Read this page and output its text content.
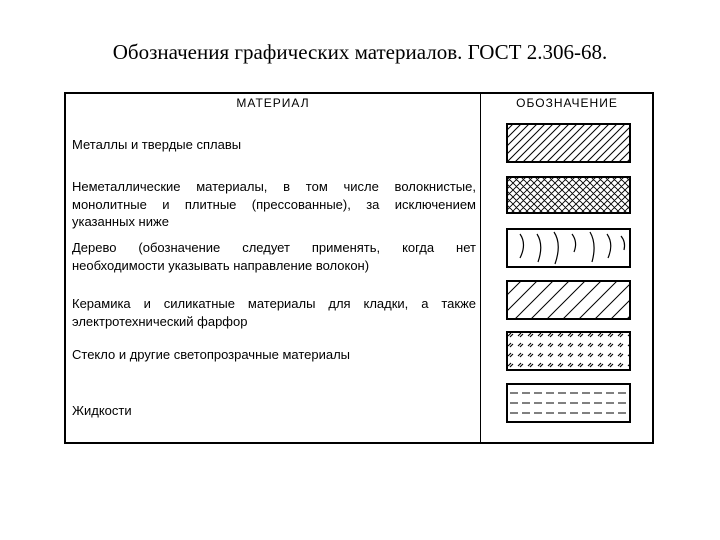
Обозначения графических материалов. ГОСТ 2.306-68.
МАТЕРИАЛ	ОБОЗНАЧЕНИЕ
Металлы и твердые сплавы
Неметаллические материалы, в том числе волокнистые, монолитные и плитные (прессованные), за исключением указанных ниже
Дерево (обозначение следует применять, когда нет необходимости указывать направление волокон)
Керамика и силикатные материалы для кладки, а также электротехнический фарфор
Стекло и другие светопрозрачные материалы
Жидкости
